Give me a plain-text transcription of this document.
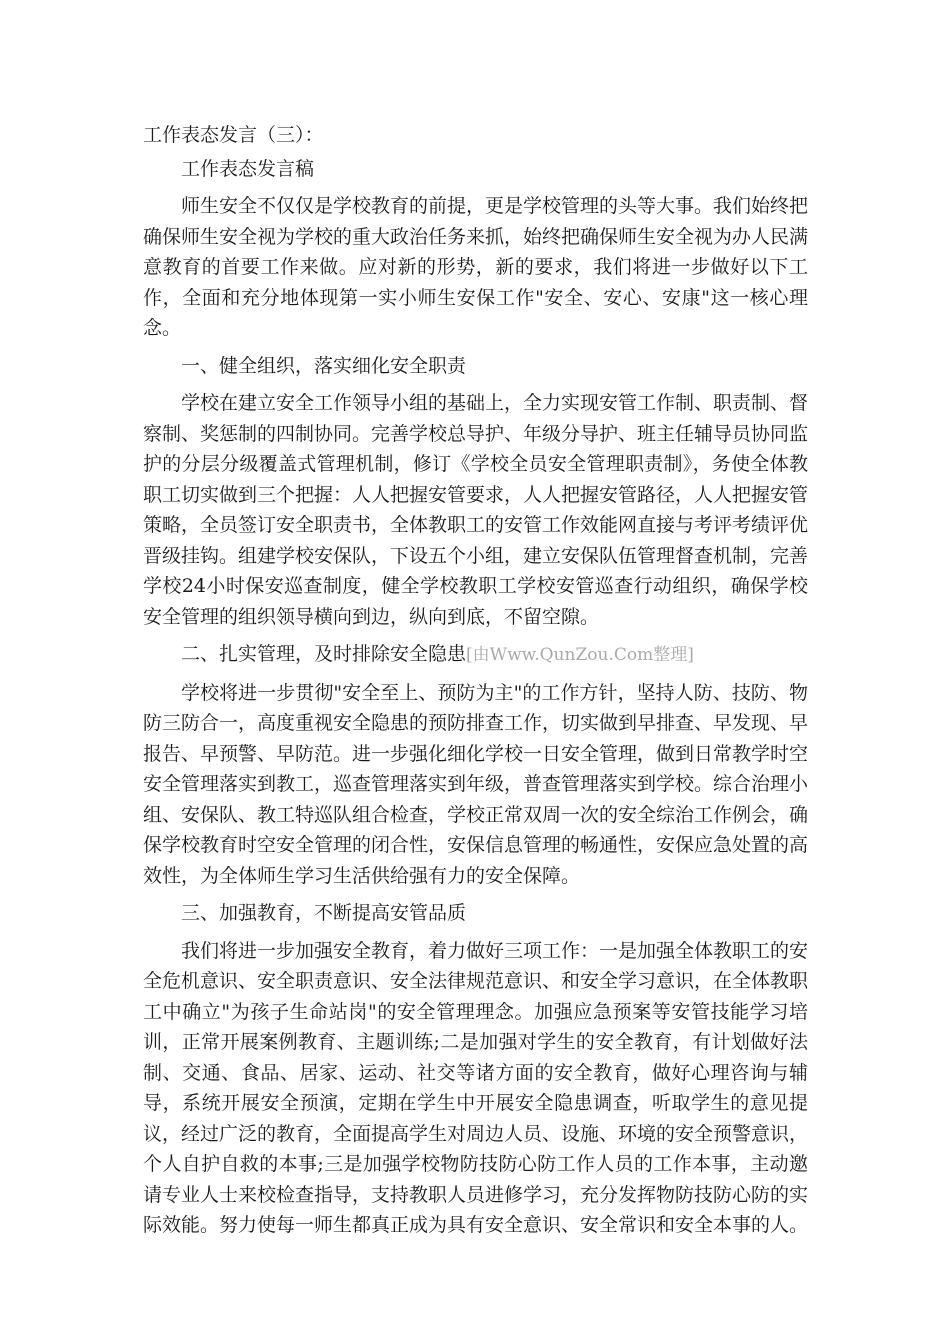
工作表态发言（三）：

工作表态发言稿

师生安全不仅仅是学校教育的前提，更是学校管理的头等大事。我们始终把确保师生安全视为学校的重大政治任务来抓，始终把确保师生安全视为办人民满意教育的首要工作来做。应对新的形势，新的要求，我们将进一步做好以下工作，全面和充分地体现第一实小师生安保工作"安全、安心、安康"这一核心理念。

一、健全组织，落实细化安全职责

学校在建立安全工作领导小组的基础上，全力实现安管工作制、职责制、督察制、奖惩制的四制协同。完善学校总导护、年级分导护、班主任辅导员协同监护的分层分级覆盖式管理机制，修订《学校全员安全管理职责制》，务使全体教职工切实做到三个把握：人人把握安管要求，人人把握安管路径，人人把握安管策略，全员签订安全职责书，全体教职工的安管工作效能网直接与考评考绩评优晋级挂钩。组建学校安保队，下设五个小组，建立安保队伍管理督查机制，完善学校24小时保安巡查制度，健全学校教职工学校安管巡查行动组织，确保学校安全管理的组织领导横向到边，纵向到底，不留空隙。

二、扎实管理，及时排除安全隐患[由Www.QunZou.Com整理]

学校将进一步贯彻"安全至上、预防为主"的工作方针，坚持人防、技防、物防三防合一，高度重视安全隐患的预防排查工作，切实做到早排查、早发现、早报告、早预警、早防范。进一步强化细化学校一日安全管理，做到日常教学时空安全管理落实到教工，巡查管理落实到年级，普查管理落实到学校。综合治理小组、安保队、教工特巡队组合检查，学校正常双周一次的安全综治工作例会，确保学校教育时空安全管理的闭合性，安保信息管理的畅通性，安保应急处置的高效性，为全体师生学习生活供给强有力的安全保障。

三、加强教育，不断提高安管品质

我们将进一步加强安全教育，着力做好三项工作：一是加强全体教职工的安全危机意识、安全职责意识、安全法律规范意识、和安全学习意识，在全体教职工中确立"为孩子生命站岗"的安全管理理念。加强应急预案等安管技能学习培训，正常开展案例教育、主题训练;二是加强对学生的安全教育，有计划做好法制、交通、食品、居家、运动、社交等诸方面的安全教育，做好心理咨询与辅导，系统开展安全预演，定期在学生中开展安全隐患调查，听取学生的意见提议，经过广泛的教育，全面提高学生对周边人员、设施、环境的安全预警意识，个人自护自救的本事;三是加强学校物防技防心防工作人员的工作本事，主动邀请专业人士来校检查指导，支持教职人员进修学习，充分发挥物防技防心防的实际效能。努力使每一师生都真正成为具有安全意识、安全常识和安全本事的人。
